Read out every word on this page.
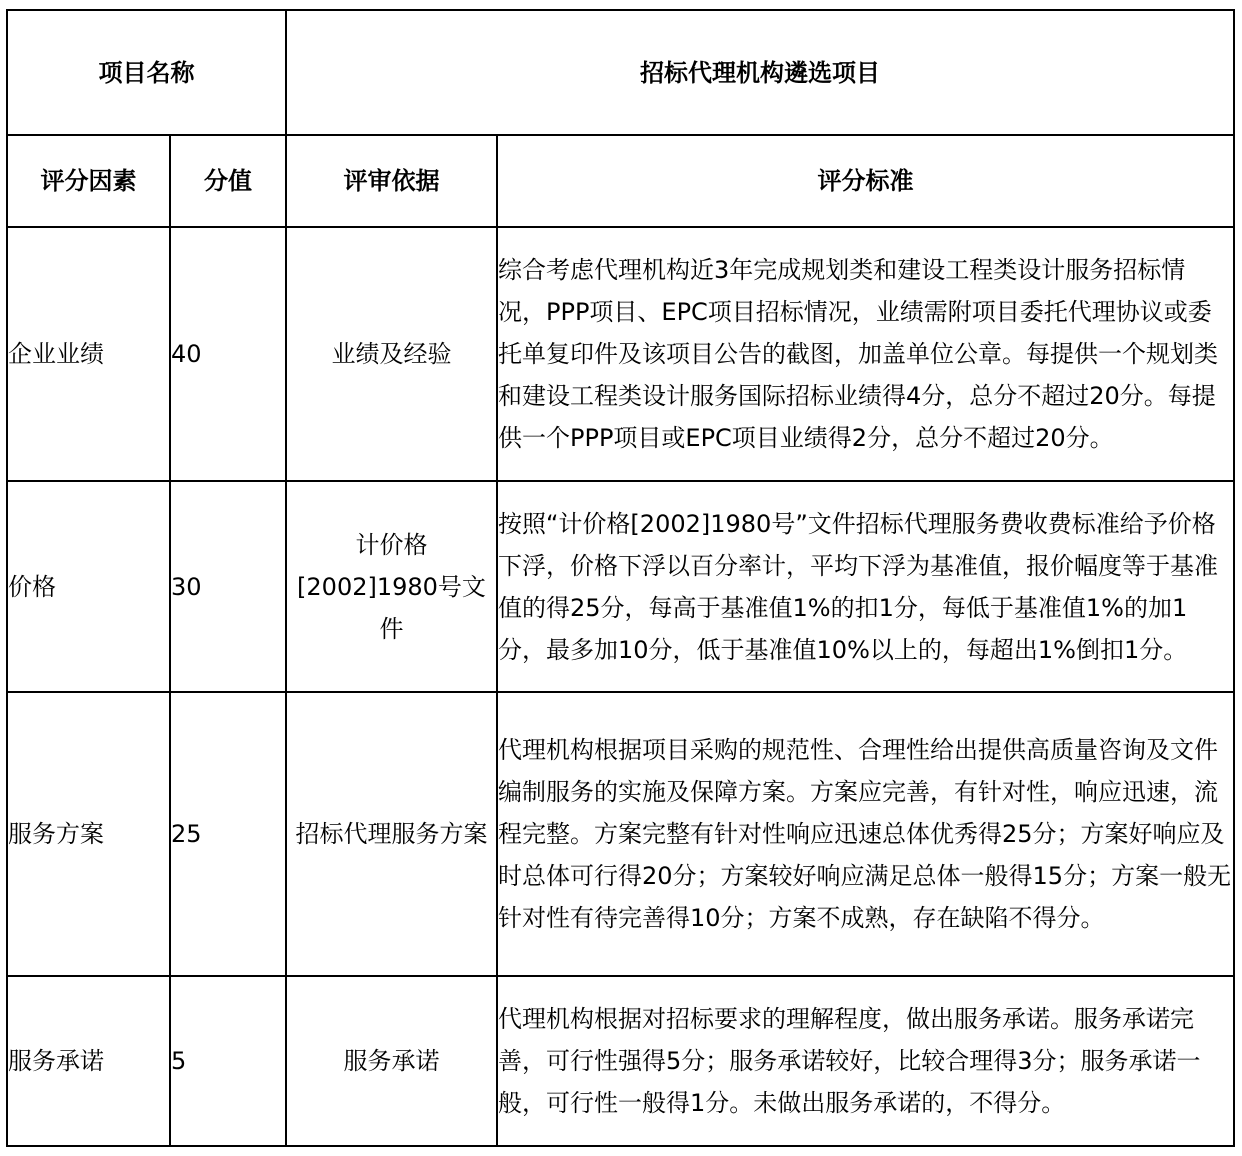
项目名称		招标代理机构遴选项目	
评分因素	分值	评审依据	评分标准
企业业绩	40	业绩及经验	综合考虑代理机构近3年完成规划类和建设工程类设计服务招标情况，PPP项目、EPC项目招标情况，业绩需附项目委托代理协议或委托单复印件及该项目公告的截图，加盖单位公章。每提供一个规划类和建设工程类设计服务国际招标业绩得4分，总分不超过20分。每提供一个PPP项目或EPC项目业绩得2分，总分不超过20分。
价格	30	计价格[2002]1980号文件	按照“计价格[2002]1980号”文件招标代理服务费收费标准给予价格下浮，价格下浮以百分率计，平均下浮为基准值，报价幅度等于基准值的得25分，每高于基准值1%的扣1分，每低于基准值1%的加1分，最多加10分，低于基准值10%以上的，每超出1%倒扣1分。
服务方案	25	招标代理服务方案	代理机构根据项目采购的规范性、合理性给出提供高质量咨询及文件编制服务的实施及保障方案。方案应完善，有针对性，响应迅速，流程完整。方案完整有针对性响应迅速总体优秀得25分；方案好响应及时总体可行得20分；方案较好响应满足总体一般得15分；方案一般无针对性有待完善得10分；方案不成熟，存在缺陷不得分。
服务承诺	5	服务承诺	代理机构根据对招标要求的理解程度，做出服务承诺。服务承诺完善，可行性强得5分；服务承诺较好，比较合理得3分；服务承诺一般，可行性一般得1分。未做出服务承诺的，不得分。
